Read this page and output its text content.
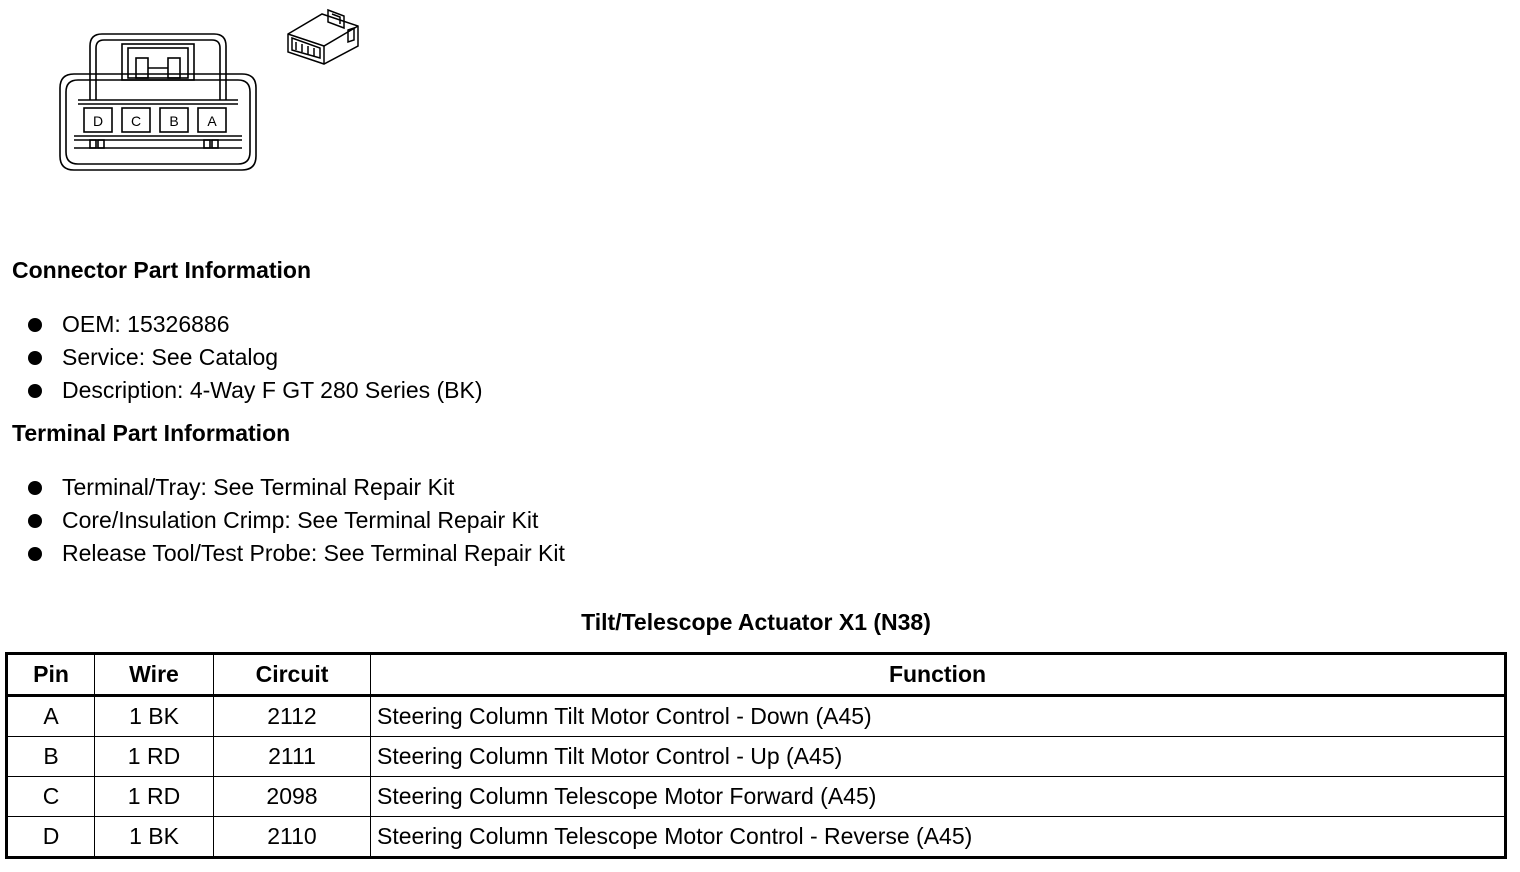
D C B A
Connector Part Information
OEM: 15326886
Service: See Catalog
Description: 4-Way F GT 280 Series (BK)
Terminal Part Information
Terminal/Tray: See Terminal Repair Kit
Core/Insulation Crimp: See Terminal Repair Kit
Release Tool/Test Probe: See Terminal Repair Kit
Tilt/Telescope Actuator X1 (N38)
Pin	Wire	Circuit	Function
A	1 BK	2112	Steering Column Tilt Motor Control - Down (A45)
B	1 RD	2111	Steering Column Tilt Motor Control - Up (A45)
C	1 RD	2098	Steering Column Telescope Motor Forward (A45)
D	1 BK	2110	Steering Column Telescope Motor Control - Reverse (A45)
